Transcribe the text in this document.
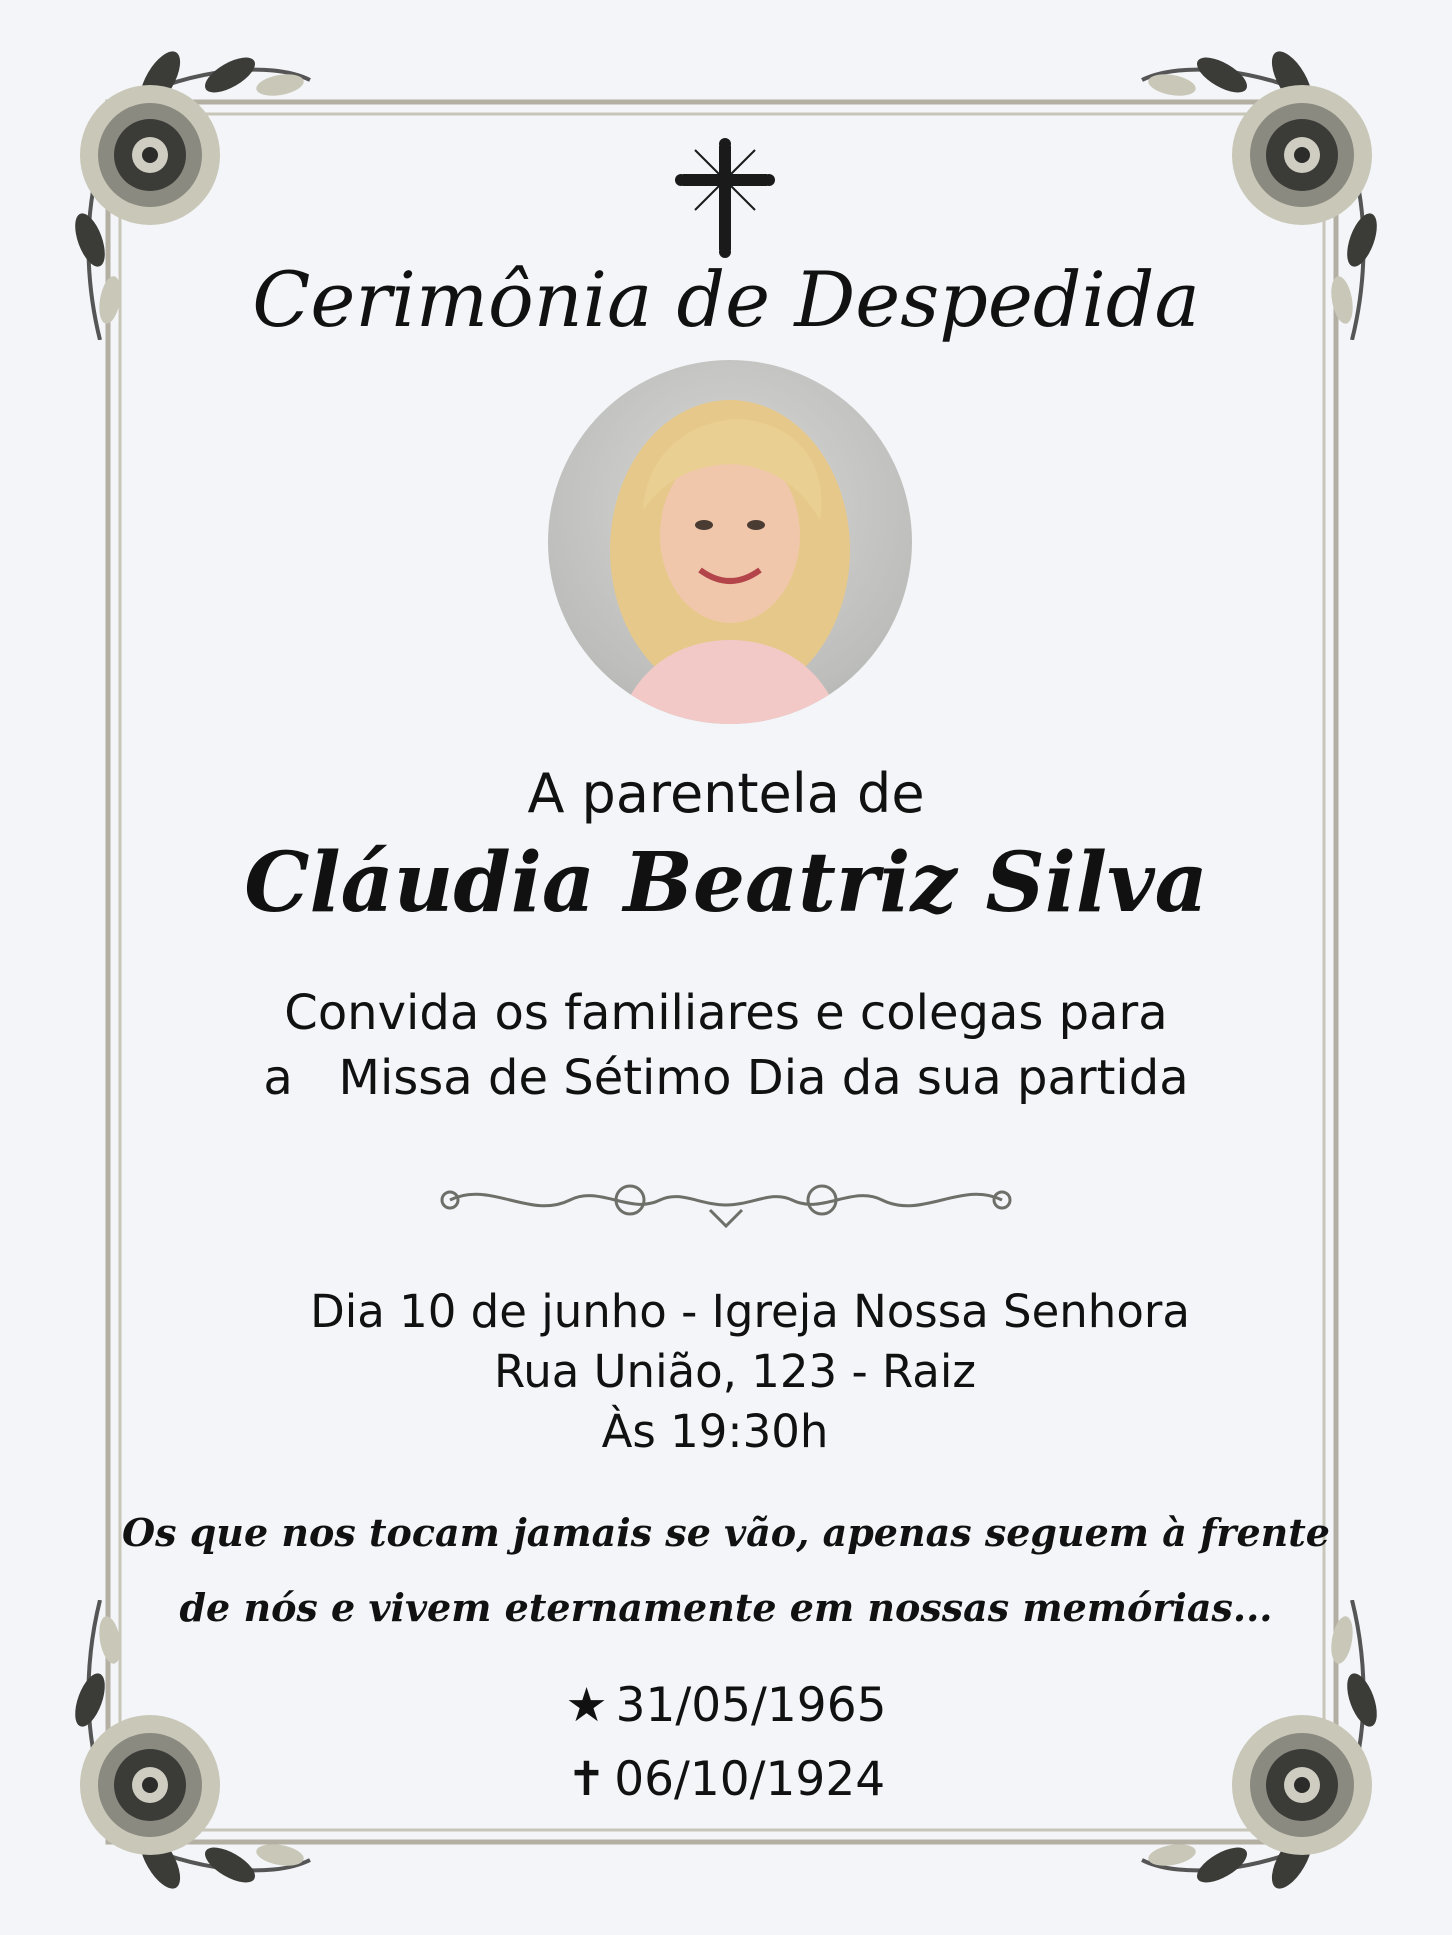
Cerimônia de Despedida
A parentela de
Cláudia Beatriz Silva
Convida os familiares e colegas para
a   Missa de Sétimo Dia da sua partida
Dia 10 de junho - Igreja Nossa Senhora
Rua União, 123 - Raiz
Às 19:30h
Os que nos tocam jamais se vão, apenas seguem à frente
de nós e vivem eternamente em nossas memórias...
★ 31/05/1965
✝ 06/10/1924
